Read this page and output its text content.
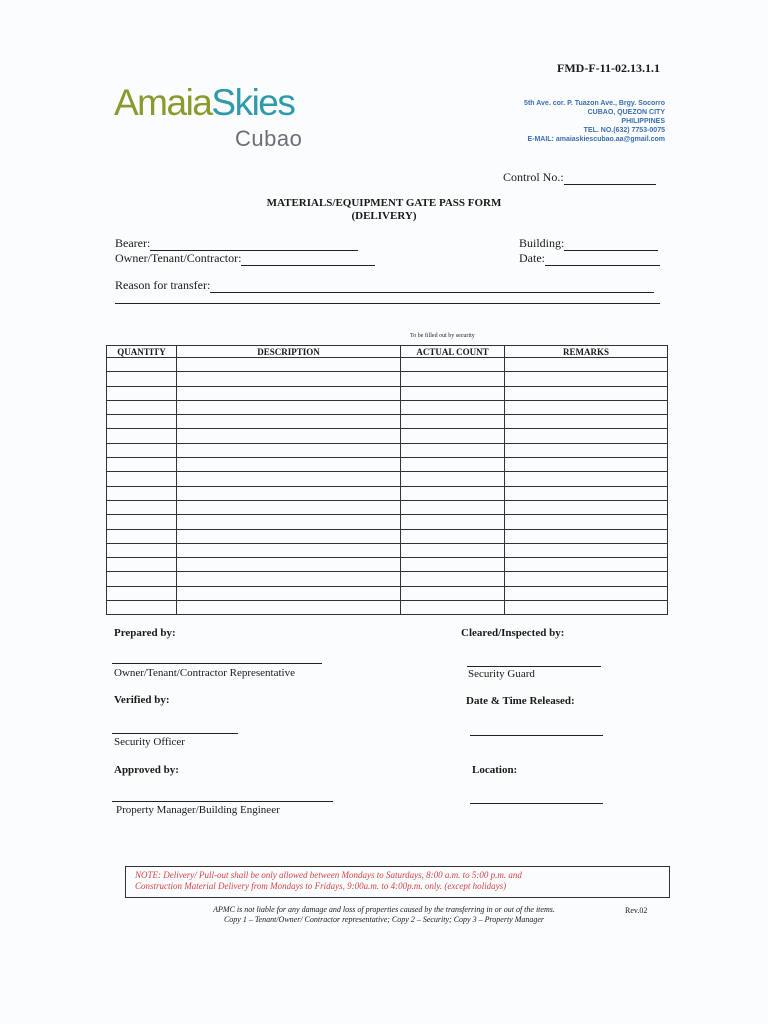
FMD-F-11-02.13.1.1
AmaiaSkies
Cubao
5th Ave. cor. P. Tuazon Ave., Brgy. Socorro
CUBAO, QUEZON CITY
PHILIPPINES
TEL. NO.(632) 7753-0075
E-MAIL: amaiaskiescubao.aa@gmail.com
Control No.:
MATERIALS/EQUIPMENT GATE PASS FORM
(DELIVERY)
Bearer:
Owner/Tenant/Contractor:
Building:
Date:
Reason for transfer:
To be filled out by security
QUANTITY	DESCRIPTION	ACTUAL COUNT	REMARKS

Prepared by:
Owner/Tenant/Contractor Representative
Cleared/Inspected by:
Security Guard
Verified by:
Security Officer
Date & Time Released:
Approved by:
Property Manager/Building Engineer
Location:
NOTE: Delivery/ Pull-out shall be only allowed between Mondays to Saturdays, 8:00 a.m. to 5:00 p.m. and
Construction Material Delivery from Mondays to Fridays, 9:00a.m. to 4:00p.m. only. (except holidays)
APMC is not liable for any damage and loss of properties caused by the transferring in or out of the items.
Copy 1 – Tenant/Owner/ Contractor representative; Copy 2 – Security; Copy 3 – Property Manager
Rev.02
